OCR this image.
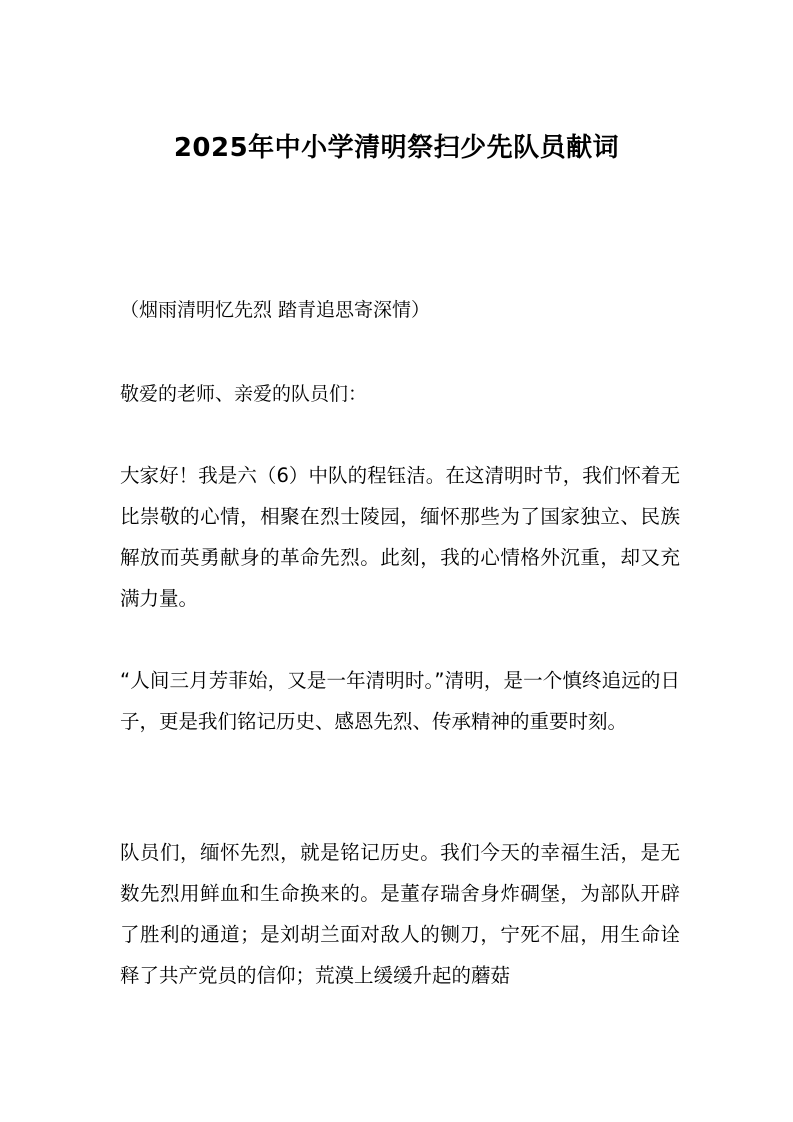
2025年中小学清明祭扫少先队员献词
（烟雨清明忆先烈 踏青追思寄深情）
敬爱的老师、亲爱的队员们：
大家好！我是六（6）中队的程钰洁。在这清明时节，我们怀着无比崇敬的心情，相聚在烈士陵园，缅怀那些为了国家独立、民族解放而英勇献身的革命先烈。此刻，我的心情格外沉重，却又充满力量。
“人间三月芳菲始，又是一年清明时。”清明，是一个慎终追远的日子，更是我们铭记历史、感恩先烈、传承精神的重要时刻。
队员们，缅怀先烈，就是铭记历史。我们今天的幸福生活，是无数先烈用鲜血和生命换来的。是董存瑞舍身炸碉堡，为部队开辟了胜利的通道；是刘胡兰面对敌人的铡刀，宁死不屈，用生命诠释了共产党员的信仰；荒漠上缓缓升起的蘑菇
